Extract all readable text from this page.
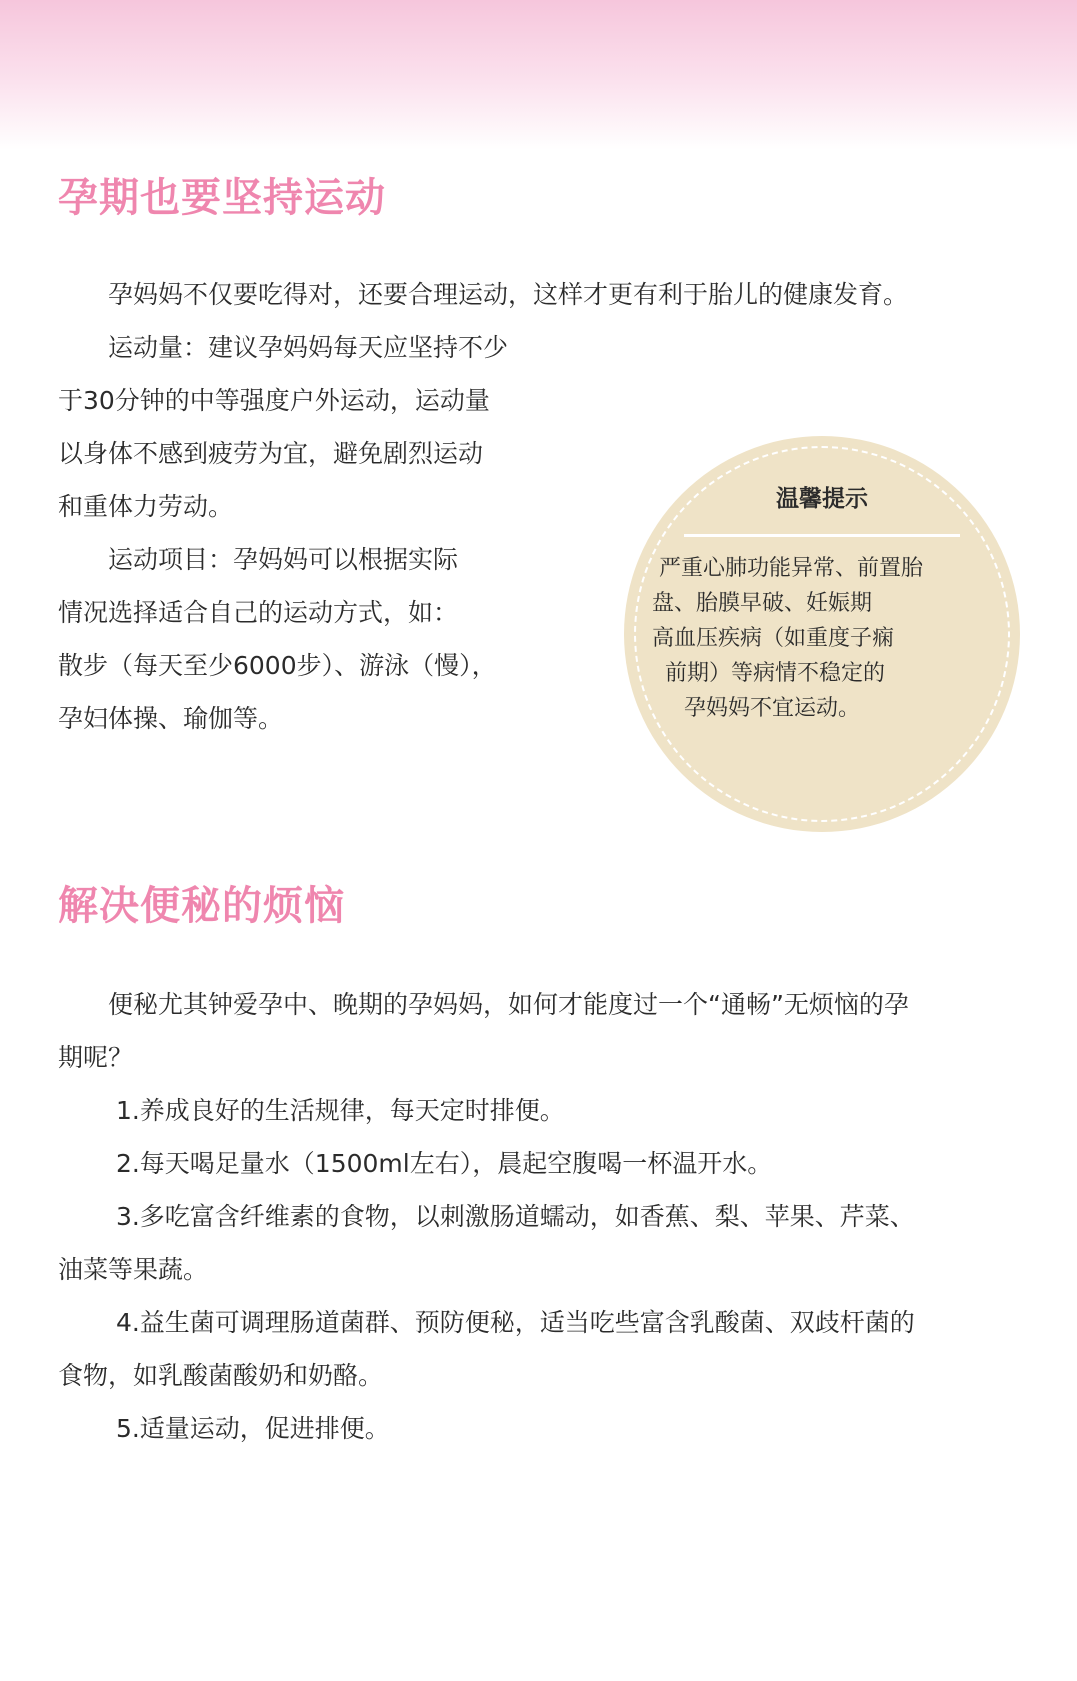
孕期也要坚持运动
　　孕妈妈不仅要吃得对，还要合理运动，这样才更有利于胎儿的健康发育。
　　运动量：建议孕妈妈每天应坚持不少
于30分钟的中等强度户外运动，运动量
以身体不感到疲劳为宜，避免剧烈运动
和重体力劳动。
　　运动项目：孕妈妈可以根据实际
情况选择适合自己的运动方式，如：
散步（每天至少6000步）、游泳（慢），
孕妇体操、瑜伽等。
温馨提示
严重心肺功能异常、前置胎
盘、胎膜早破、妊娠期
高血压疾病（如重度子痫
前期）等病情不稳定的
孕妈妈不宜运动。
解决便秘的烦恼
　　便秘尤其钟爱孕中、晚期的孕妈妈，如何才能度过一个“通畅”无烦恼的孕
期呢？
　　 1.养成良好的生活规律，每天定时排便。
　　 2.每天喝足量水（1500ml左右），晨起空腹喝一杯温开水。
　　 3.多吃富含纤维素的食物，以刺激肠道蠕动，如香蕉、梨、苹果、芹菜、
油菜等果蔬。
　　 4.益生菌可调理肠道菌群、预防便秘，适当吃些富含乳酸菌、双歧杆菌的
食物，如乳酸菌酸奶和奶酪。
　　 5.适量运动，促进排便。
